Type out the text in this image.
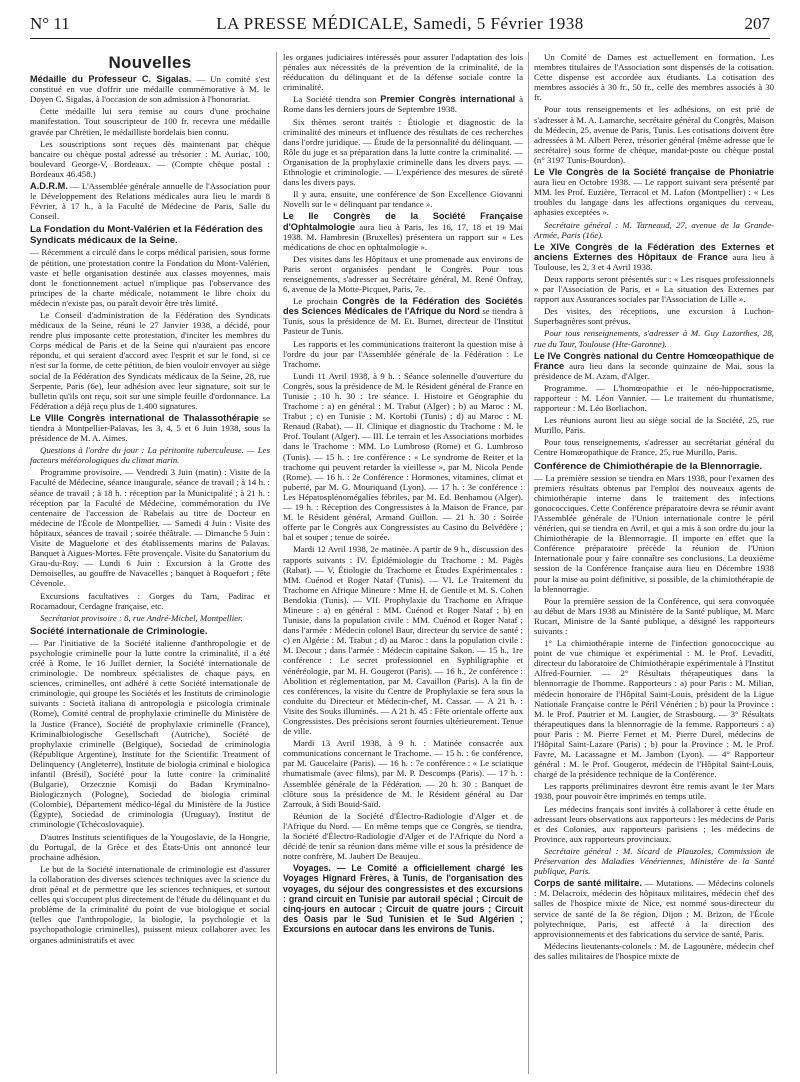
N° 11	LA PRESSE MÉDICALE, Samedi, 5 Février 1938	207
Nouvelles

Médaille du Professeur C. Sigalas. — Un comité s'est constitué en vue d'offrir une médaille commémorative à M. le Doyen C. Sigalas, à l'occasion de son admission à l'honorariat.

Cette médaille lui sera remise au cours d'une prochaine manifestation. Tout souscripteur de 100 fr. recevra une médaille gravée par Chrétien, le médailliste bordelais bien connu.

Les souscriptions sont reçues dès maintenant par chèque bancaire ou chèque postal adressé au trésorier : M. Auriac, 100, boulevard George-V, Bordeaux. — (Compte chèque postal : Bordeaux 46.458.)

A.D.R.M. — L'Assemblée générale annuelle de l'Association pour le Développement des Relations médicales aura lieu le mardi 8 Février, à 17 h., à la Faculté de Médecine de Paris, Salle du Conseil.

La Fondation du Mont-Valérien et la Fédération des Syndicats médicaux de la Seine.

— Récemment a circulé dans le corps médical parisien, sous forme de pétition, une protestation contre la Fondation du Mont-Valérien, vaste et belle organisation destinée aux classes moyennes, mais dont le fonctionnement actuel n'implique pas l'observance des principes de la charte médicale, notamment le libre choix du médecin n'existe pas, ou paraît devoir être très limité.

Le Conseil d'administration de la Fédération des Syndicats médicaux de la Seine, réuni le 27 Janvier 1938, a décidé, pour rendre plus imposante cette protestation, d'inciter les membres du Corps médical de Paris et de la Seine qui n'auraient pas encore répondu, et qui seraient d'accord avec l'esprit et sur le fond, si ce n'est sur la forme, de cette pétition, de bien vouloir envoyer au siège social de la Fédération des Syndicats médicaux de la Seine, 28, rue Serpente, Paris (6e), leur adhésion avec leur signature, soit sur le bulletin qu'ils ont reçu, soit sur une simple feuille d'ordonnance. La Fédération a déjà reçu plus de 1.400 signatures.

Le VIIIe Congrès international de Thalassothérapie se tiendra à Montpellier-Palavas, les 3, 4, 5 et 6 Juin 1938, sous la présidence de M. A. Aimes.

Questions à l'ordre du jour : La péritonite tuberculeuse. — Les facteurs météorologiques du climat marin.

Programme provisoire. — Vendredi 3 Juin (matin) : Visite de la Faculté de Médecine, séance inaugurale, séance de travail ; à 14 h. : séance de travail ; à 18 h. : réception par la Municipalité ; à 21 h. : réception par la Faculté de Médecine, commémoration du IVe centenaire de l'accession de Rabelais au titre de Docteur en médecine de l'École de Montpellier. — Samedi 4 Juin : Visite des hôpitaux, séances de travail ; soirée théâtrale. — Dimanche 5 Juin : Visite de Maguelone et des établissements marins de Palavas. Banquet à Aigues-Mortes. Fête provençale. Visite du Sanatorium du Grau-du-Roy. — Lundi 6 Juin : Excursion à la Grotte des Demoiselles, au gouffre de Navacelles ; banquet à Roquefort ; fête Cévenole.

Excursions facultatives : Gorges du Tarn, Padirac et Rocamadour, Cerdagne française, etc.

Secrétariat provisoire : 8, rue André-Michel, Montpellier.

Société internationale de Criminologie.

— Par l'initiative de la Société italienne d'anthropologie et de psychologie criminelle pour la lutte contre la criminalité, il a été créé à Rome, le 16 Juillet dernier, la Société internationale de criminologie. De nombreux spécialistes de chaque pays, en sciences, criminelles, ont adhéré à cette Société internationale de criminologie, qui groupe les Sociétés et les Instituts de criminologie suivants : Società italiana di antropologia e psicologia criminale (Rome), Comité central de prophylaxie criminelle du Ministère de la Justice (France), Société de prophylaxie criminelle (France), Kriminalbiologische Gesellschaft (Autriche), Société de prophylaxie criminelle (Belgique), Sociedad de criminologia (République Argentine), Institute for the Scientific Treatment of Delinquency (Angleterre), Institute de biologia criminal e biologica infantil (Brésil), Société pour la lutte contre la criminalité (Bulgarie), Orzecznie Komisji do Badan Kryminalno-Biologicznych (Pologne), Sociedad de biologia criminal (Colombie), Département médico-légal du Ministère de la Justice (Égypte), Sociedad de criminologia (Uruguay), Institut de criminologie (Tchécoslovaquie).

D'autres Instituts scientifiques de la Yougoslavie, de la Hongrie, du Portugal, de la Grèce et des États-Unis ont annoncé leur prochaine adhésion.

Le but de la Société internationale de criminologie est d'assurer la collaboration des diverses sciences techniques avec la science du droit pénal et de permettre que les sciences techniques, et surtout celles qui s'occupent plus directement de l'étude du délinquant et du problème de la criminalité du point de vue biologique et social (telles que l'anthropologie, la biologie, la psychologie et la psychopathologie criminelles), puissent mieux collaborer avec les organes administratifs et avec

les organes judiciaires intéressés pour assurer l'adaptation des lois pénales aux nécessités de la prévention de la criminalité, de la rééducation du délinquant et de la défense sociale contre la criminalité.

La Société tiendra son Premier Congrès international à Rome dans les derniers jours de Septembre 1938.

Six thèmes seront traités : Étiologie et diagnostic de la criminalité des mineurs et influence des résultats de ces recherches dans l'ordre juridique. — Étude de la personnalité du délinquant. — Rôle du juge et sa préparation dans la lutte contre la criminalité. — Organisation de la prophylaxie criminelle dans les divers pays. — Ethnologie et criminologie. — L'expérience des mesures de sûreté dans les divers pays.

Il y aura, ensuite, une conférence de Son Excellence Giovanni Novelli sur le « délinquant par tendance ».

Le IIe Congrès de la Société Française d'Ophtalmologie aura lieu à Paris, les 16, 17, 18 et 19 Mai 1938. M. Hambresin (Bruxelles) présentera un rapport sur « Les médications de choc en ophtalmologie ».

Des visites dans les Hôpitaux et une promenade aux environs de Paris seront organisées pendant le Congrès. Pour tous renseignements, s'adresser au Secrétaire général, M. René Onfray, 6, avenue de la Motte-Picquet, Paris, 7e.

Le prochain Congrès de la Fédération des Sociétés des Sciences Médicales de l'Afrique du Nord se tiendra à Tunis, sous la présidence de M. Et. Burnet, directeur de l'Institut Pasteur de Tunis.

Les rapports et les communications traiteront la question mise à l'ordre du jour par l'Assemblée générale de la Fédération : Le Trachome.

Lundi 11 Avril 1938, à 9 h. : Séance solennelle d'ouverture du Congrès, sous la présidence de M. le Résident général de France en Tunisie ; 10 h. 30 : 1re séance. I. Histoire et Géographie du Trachome : a) en général : M. Trabut (Alger) ; b) au Maroc : M. Trabut ; c) en Tunisie : M. Kortobi (Tunis) ; d) au Maroc : M. Renaud (Rabat). — II. Clinique et diagnostic du Trachome : M. le Prof. Toulant (Alger). — III. Le terrain et les Associations morbides dans le Trachome : MM. Lo Lumbroso (Rome) et G. Lumbroso (Tunis). — 15 h. : 1re conférence : « Le syndrome de Reiter et la trachome qui peuvent retarder la vieillesse », par M. Nicola Pende (Rome). — 16 h. : 2e Conférence : Hormones, vitamines, climat et puberté, par M. G. Mouriquand (Lyon). — 17 h. : 3e conférence : Les Hépatosplénomégalies fébriles, par M. Ed. Benhamou (Alger). — 19 h. : Réception des Congressistes à la Maison de France, par M. le Résident général, Armand Guillon. — 21 h. 30 : Soirée offerte par le Congrès aux Congressistes au Casino du Belvédère ; bal et souper ; tenue de soirée.

Mardi 12 Avril 1938, 2e matinée. A partir de 9 h., discussion des rapports suivants : IV. Épidémiologie du Trachome : M. Pagès (Rabat). — V. Étiologie du Trachome et Études Expérimentales : MM. Cuénod et Roger Nataf (Tunis). — VI. Le Traitement du Trachome en Afrique Mineure : Mme H. de Gentile et M. S. Cohen Bendokia (Tunis). — VII. Prophylaxie du Trachome en Afrique Mineure : a) en général : MM. Cuénod et Roger Nataf ; b) en Tunisie, dans la population civile : MM. Cuénod et Roger Nataf ; dans l'armée : Médecin colonel Baur, directeur du service de santé ; c) en Algérie : M. Trabut ; d) au Maroc : dans la population civile : M. Decour ; dans l'armée : Médecin capitaine Sakon. — 15 h., 1re conférence : Le secret professionnel en Syphiligraphie et vénéréologie, par M. H. Gougerot (Paris). — 16 h., 2e conférence : Abolition et réglementation, par M. Cavaillon (Paris). A la fin de ces conférences, la visite du Centre de Prophylaxie se fera sous la conduite du Directeur et Médecin-chef, M. Cassar. — A 21 h. : Visite des Souks illuminés. — A 21 h. 45 : Fête orientale offerte aux Congressistes. Des précisions seront fournies ultérieurement. Tenue de ville.

Mardi 13 Avril 1938, à 9 h. : Matinée consacrée aux communications concernant le Trachome. — 15 h. : 6e conférence, par M. Gaucelaire (Paris). — 16 h. : 7e conférence : « Le sciatique rhumatismale (avec films), par M. P. Descomps (Paris). — 17 h. : Assemblée générale de la Fédération. — 20 h. 30 : Banquet de clôture sous la présidence de M. le Résident général au Dar Zarrouk, à Sidi Bouid-Saïd.

Réunion de la Société d'Électro-Radiologie d'Alger et de l'Afrique du Nord. — En même temps que ce Congrès, se tiendra, la Société d'Électro-Radiologie d'Alger et de l'Afrique du Nord a décidé de tenir sa réunion dans même ville et sous la présidence de notre confrère, M. Jaubert De Beaujeu.

Voyages. — Le Comité a officiellement chargé les Voyages Hignard Frères, à Tunis, de l'organisation des voyages, du séjour des congressistes et des excursions : grand circuit en Tunisie par autorail spécial ; Circuit de cinq-jours en autocar ; Circuit de quatre jours ; Circuit des Oasis par le Sud Tunisien et le Sud Algérien ; Excursions en autocar dans les environs de Tunis.

Un Comité de Dames est actuellement en formation. Les membres titulaires de l'Association sont dispensés de la cotisation. Cette dispense est accordée aux étudiants. La cotisation des membres associés à 30 fr., 50 fr., celle des membres associés à 30 fr.

Pour tous renseignements et les adhésions, on est prié de s'adresser à M. A. Lamarche, secrétaire général du Congrès, Maison du Médecin, 25, avenue de Paris, Tunis. Les cotisations doivent être adressées à M. Albert Perez, trésorier général (même adresse que le secrétaire) sous forme de chèque, mandat-poste ou chèque postal (n° 3197 Tunis-Bourdon).

Le VIe Congrès de la Société française de Phoniatrie aura lieu en Octobre 1938. — Le rapport suivant sera présenté par MM. les Prof. Euzière, Terracol et M. Lafon (Montpellier) : « Les troubles du langage dans les affections organiques du cerveau, aphasies exceptées ».

Secrétaire général : M. Tarneaud, 27, avenue de la Grande-Armée, Paris (16e).

Le XIVe Congrès de la Fédération des Externes et anciens Externes des Hôpitaux de France aura lieu à Toulouse, les 2, 3 et 4 Avril 1938.

Deux rapports seront présentés sur : « Les risques professionnels » par l'Association de Paris, et « La situation des Externes par rapport aux Assurances sociales par l'Association de Lille ».

Des visites, des réceptions, une excursion à Luchon-Superbagnères sont prévus.

Pour tous renseignements, s'adresser à M. Guy Lazorthes, 28, rue du Taur, Toulouse (Hte-Garonne).

Le IVe Congrès national du Centre Homœopathique de France aura lieu dans la seconde quinzaine de Mai, sous la présidence de M. Azam, d'Alger.

Programme. — L'homœopathie et le néo-hippocratisme, rapporteur : M. Léon Vannier. — Le traitement du rhumatisme, rapporteur : M. Léo Borliachon.

Les réunions auront lieu au siège social de la Société, 25, rue Murillo, Paris.

Pour tous renseignements, s'adresser au secrétariat général du Centre Homœopathique de France, 25, rue Murillo, Paris.

Conférence de Chimiothérapie de la Blennorragie.

— La première session se tiendra en Mars 1938, pour l'examen des premiers résultats obtenus par l'emploi des nouveaux agents de chimiothérapie interne dans le traitement des infections gonococciques. Cette Conférence préparatoire devra se réunir avant l'Assemblée générale de l'Union internationale contre le péril vénérien, qui se tiendra en Avril, et qui a mis à son ordre du jour la Chimiothérapie de la Blennorragie. Il importe en effet que la Conférence préparatoire précède la réunion de l'Union Internationale pour y faire connaître ses conclusions. La deuxième session de la Conférence française aura lieu en Décembre 1938 pour la mise au point définitive, si possible, de la chimiothérapie de la blennorragie.

Pour la première session de la Conférence, qui sera convoquée au début de Mars 1938 au Ministère de la Santé publique, M. Marc Rucart, Ministre de la Santé publique, a désigné les rapporteurs suivants :

1° La chimiothérapie interne de l'infection gonococcique au point de vue chimique et expérimental : M. le Prof. Levaditi, directeur du laboratoire de Chimiothérapie expérimentale à l'Institut Alfred-Fournier. — 2° Résultats thérapeutiques dans la blennorragie de l'homme. Rapporteurs : a) pour Paris : M. Milian, médecin honoraire de l'Hôpital Saint-Louis, président de la Ligue Nationale Française contre le Péril Vénérien ; b) pour la Province : M. le Prof. Pautrier et M. Laugier, de Strasbourg. — 3° Résultats thérapeutiques dans la blennorragie de la femme. Rapporteurs : a) pour Paris : M. Pierre Fernet et M. Pierre Durel, médecins de l'Hôpital Saint-Lazare (Paris) ; b) pour la Province : M. le Prof. Favre, M. Lacassagne et M. Jambon (Lyon). — 4° Rapporteur général : M. le Prof. Gougerot, médecin de l'Hôpital Saint-Louis, chargé de la présidence technique de la Conférence.

Les rapports préliminaires devront être remis avant le 1er Mars 1938, pour pouvoir être imprimés en temps utile.

Les médecins français sont invités à collaborer à cette étude en adressant leurs observations aux rapporteurs : les médecins de Paris et des Colonies, aux rapporteurs parisiens ; les médecins de Province, aux rapporteurs provinciaux.

Secrétaire général : M. Sicard de Plauzoles, Commission de Préservation des Maladies Vénériennes, Ministère de la Santé publique, Paris.

Corps de santé militaire. — Mutations. — Médecins colonels : M. Delacroix, médecin des hôpitaux militaires, médecin chef des salles de l'hospice mixte de Nice, est nommé sous-directeur du service de santé de la 8e région, Dijon ; M. Brizon, de l'École polytechnique, Paris, est affecté à la direction des approvisionnements et des fabrications du service de santé, Paris.

Médecins lieutenants-colonels : M. de Lagounère, médecin chef des salles militaires de l'hospice mixte de
